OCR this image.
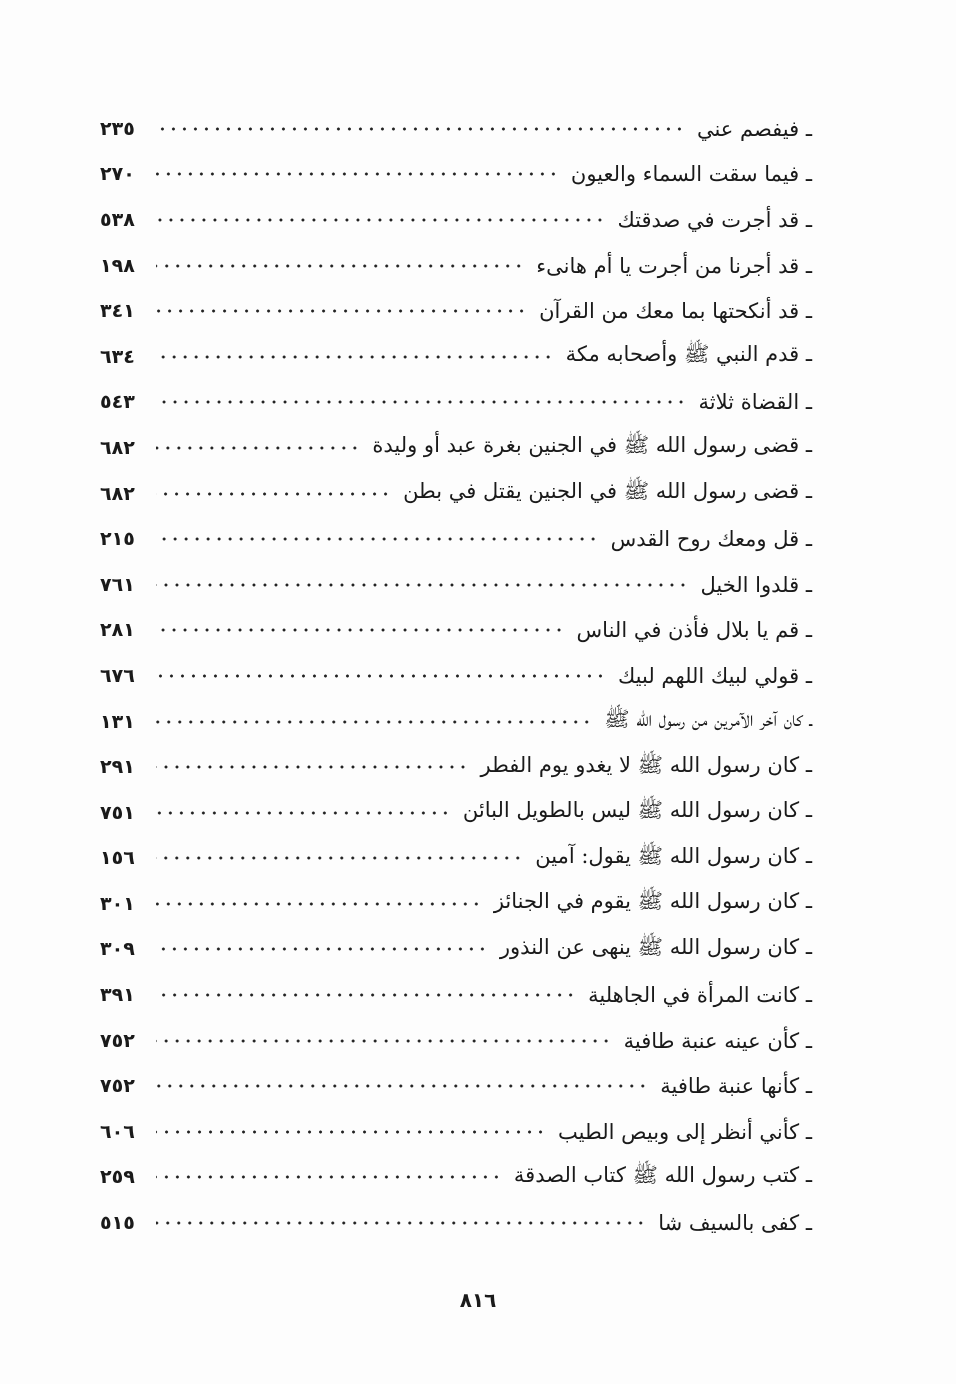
ـ فيفصم عني
٢٣٥
ـ فيما سقت السماء والعيون
٢٧٠
ـ قد أجرت في صدقتك
٥٣٨
ـ قد أجرنا من أجرت يا أم هانىء
١٩٨
ـ قد أنكحتها بما معك من القرآن
٣٤١
ـ قدم النبي ﷺ وأصحابه مكة
٦٣٤
ـ القضاة ثلاثة
٥٤٣
ـ قضى رسول الله ﷺ في الجنين بغرة عبد أو وليدة
٦٨٢
ـ قضى رسول الله ﷺ في الجنين يقتل في بطن
٦٨٢
ـ قل ومعك روح القدس
٢١٥
ـ قلدوا الخيل
٧٦١
ـ قم يا بلال فأذن في الناس
٢٨١
ـ قولي لبيك اللهم لبيك
٦٧٦
ـ كان آخر الآمرين من رسول الله ﷺ
١٣١
ـ كان رسول الله ﷺ لا يغدو يوم الفطر
٢٩١
ـ كان رسول الله ﷺ ليس بالطويل البائن
٧٥١
ـ كان رسول الله ﷺ يقول: آمين
١٥٦
ـ كان رسول الله ﷺ يقوم في الجنائز
٣٠١
ـ كان رسول الله ﷺ ينهى عن النذور
٣٠٩
ـ كانت المرأة في الجاهلية
٣٩١
ـ كأن عينه عنبة طافية
٧٥٢
ـ كأنها عنبة طافية
٧٥٢
ـ كأني أنظر إلى وبيص الطيب
٦٠٦
ـ كتب رسول الله ﷺ كتاب الصدقة
٢٥٩
ـ كفى بالسيف شا
٥١٥
٨١٦
